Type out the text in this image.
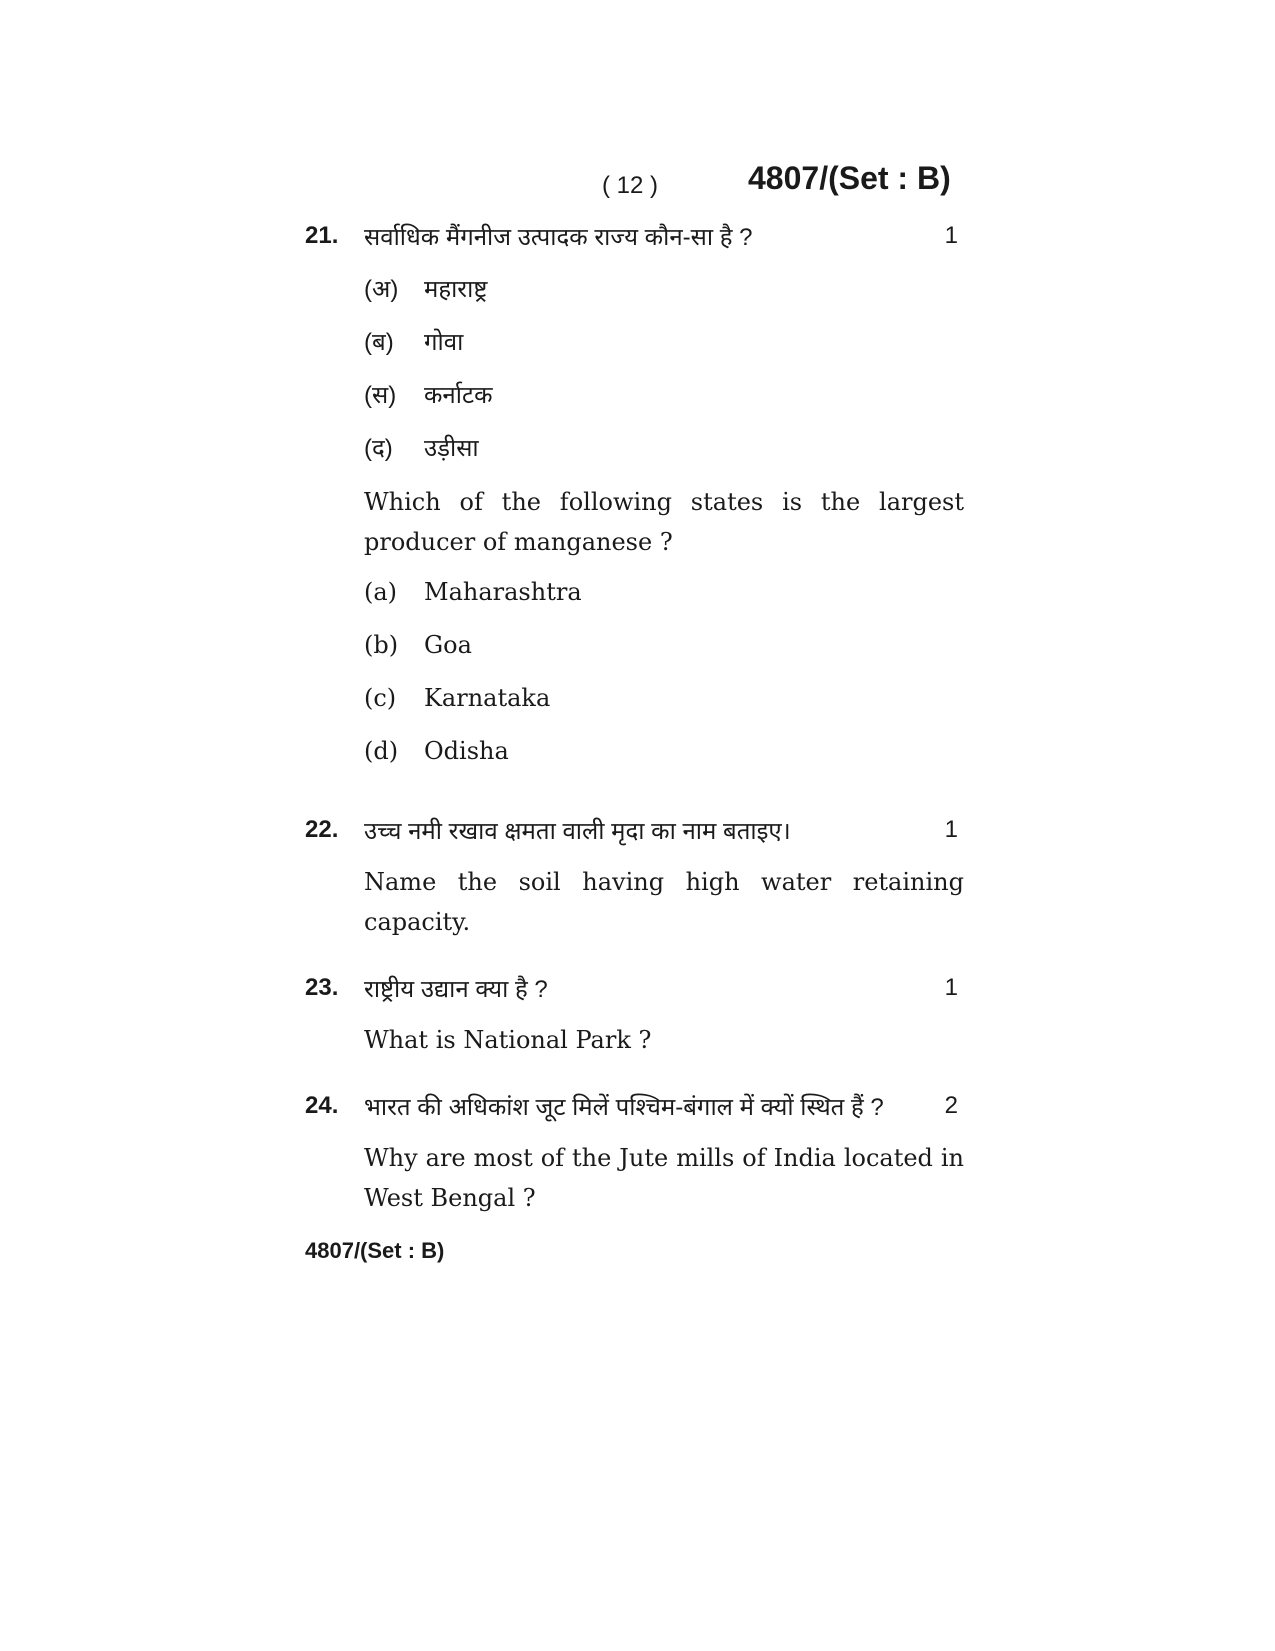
( 12 )	4807/(Set : B)
21. सर्वाधिक मैंगनीज उत्पादक राज्य कौन-सा है ?	1
(अ) महाराष्ट्र
(ब) गोवा
(स) कर्नाटक
(द) उड़ीसा
Which of the following states is the largest producer of manganese ?
(a) Maharashtra
(b) Goa
(c) Karnataka
(d) Odisha
22. उच्च नमी रखाव क्षमता वाली मृदा का नाम बताइए।	1
Name the soil having high water retaining capacity.
23. राष्ट्रीय उद्यान क्या है ?	1
What is National Park ?
24. भारत की अधिकांश जूट मिलें पश्चिम-बंगाल में क्यों स्थित हैं ?	2
Why are most of the Jute mills of India located in West Bengal ?
4807/(Set : B)
